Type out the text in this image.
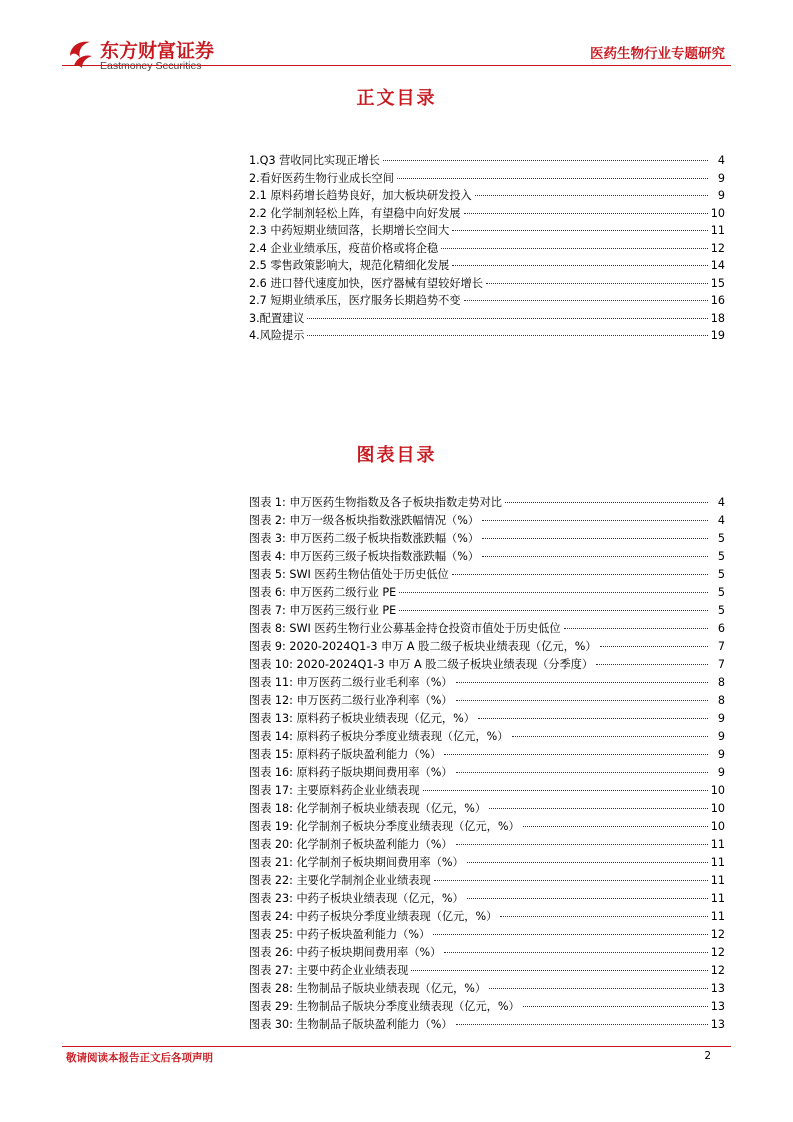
东方财富证券
Eastmoney Securities
医药生物行业专题研究
正文目录
1.Q3 营收同比实现正增长	4
2.看好医药生物行业成长空间	9
2.1 原料药增长趋势良好，加大板块研发投入	9
2.2 化学制剂轻松上阵，有望稳中向好发展	10
2.3 中药短期业绩回落，长期增长空间大	11
2.4 企业业绩承压，疫苗价格或将企稳	12
2.5 零售政策影响大，规范化精细化发展	14
2.6 进口替代速度加快，医疗器械有望较好增长	15
2.7 短期业绩承压，医疗服务长期趋势不变	16
3.配置建议	18
4.风险提示	19
图表目录
图表 1: 申万医药生物指数及各子板块指数走势对比	4
图表 2: 申万一级各板块指数涨跌幅情况（%）	4
图表 3: 申万医药二级子板块指数涨跌幅（%）	5
图表 4: 申万医药三级子板块指数涨跌幅（%）	5
图表 5: SWI 医药生物估值处于历史低位	5
图表 6: 申万医药二级行业 PE	5
图表 7: 申万医药三级行业 PE	5
图表 8: SWI 医药生物行业公募基金持仓投资市值处于历史低位	6
图表 9: 2020-2024Q1-3 申万 A 股二级子板块业绩表现（亿元，%）	7
图表 10: 2020-2024Q1-3 申万 A 股二级子板块业绩表现（分季度）	7
图表 11: 申万医药二级行业毛利率（%）	8
图表 12: 申万医药二级行业净利率（%）	8
图表 13: 原料药子板块业绩表现（亿元，%）	9
图表 14: 原料药子板块分季度业绩表现（亿元，%）	9
图表 15: 原料药子版块盈利能力（%）	9
图表 16: 原料药子版块期间费用率（%）	9
图表 17: 主要原料药企业业绩表现	10
图表 18: 化学制剂子板块业绩表现（亿元，%）	10
图表 19: 化学制剂子板块分季度业绩表现（亿元，%）	10
图表 20: 化学制剂子板块盈利能力（%）	11
图表 21: 化学制剂子板块期间费用率（%）	11
图表 22: 主要化学制剂企业业绩表现	11
图表 23: 中药子板块业绩表现（亿元，%）	11
图表 24: 中药子板块分季度业绩表现（亿元，%）	11
图表 25: 中药子板块盈利能力（%）	12
图表 26: 中药子板块期间费用率（%）	12
图表 27: 主要中药企业业绩表现	12
图表 28: 生物制品子版块业绩表现（亿元，%）	13
图表 29: 生物制品子版块分季度业绩表现（亿元，%）	13
图表 30: 生物制品子版块盈利能力（%）	13
敬请阅读本报告正文后各项声明	2
